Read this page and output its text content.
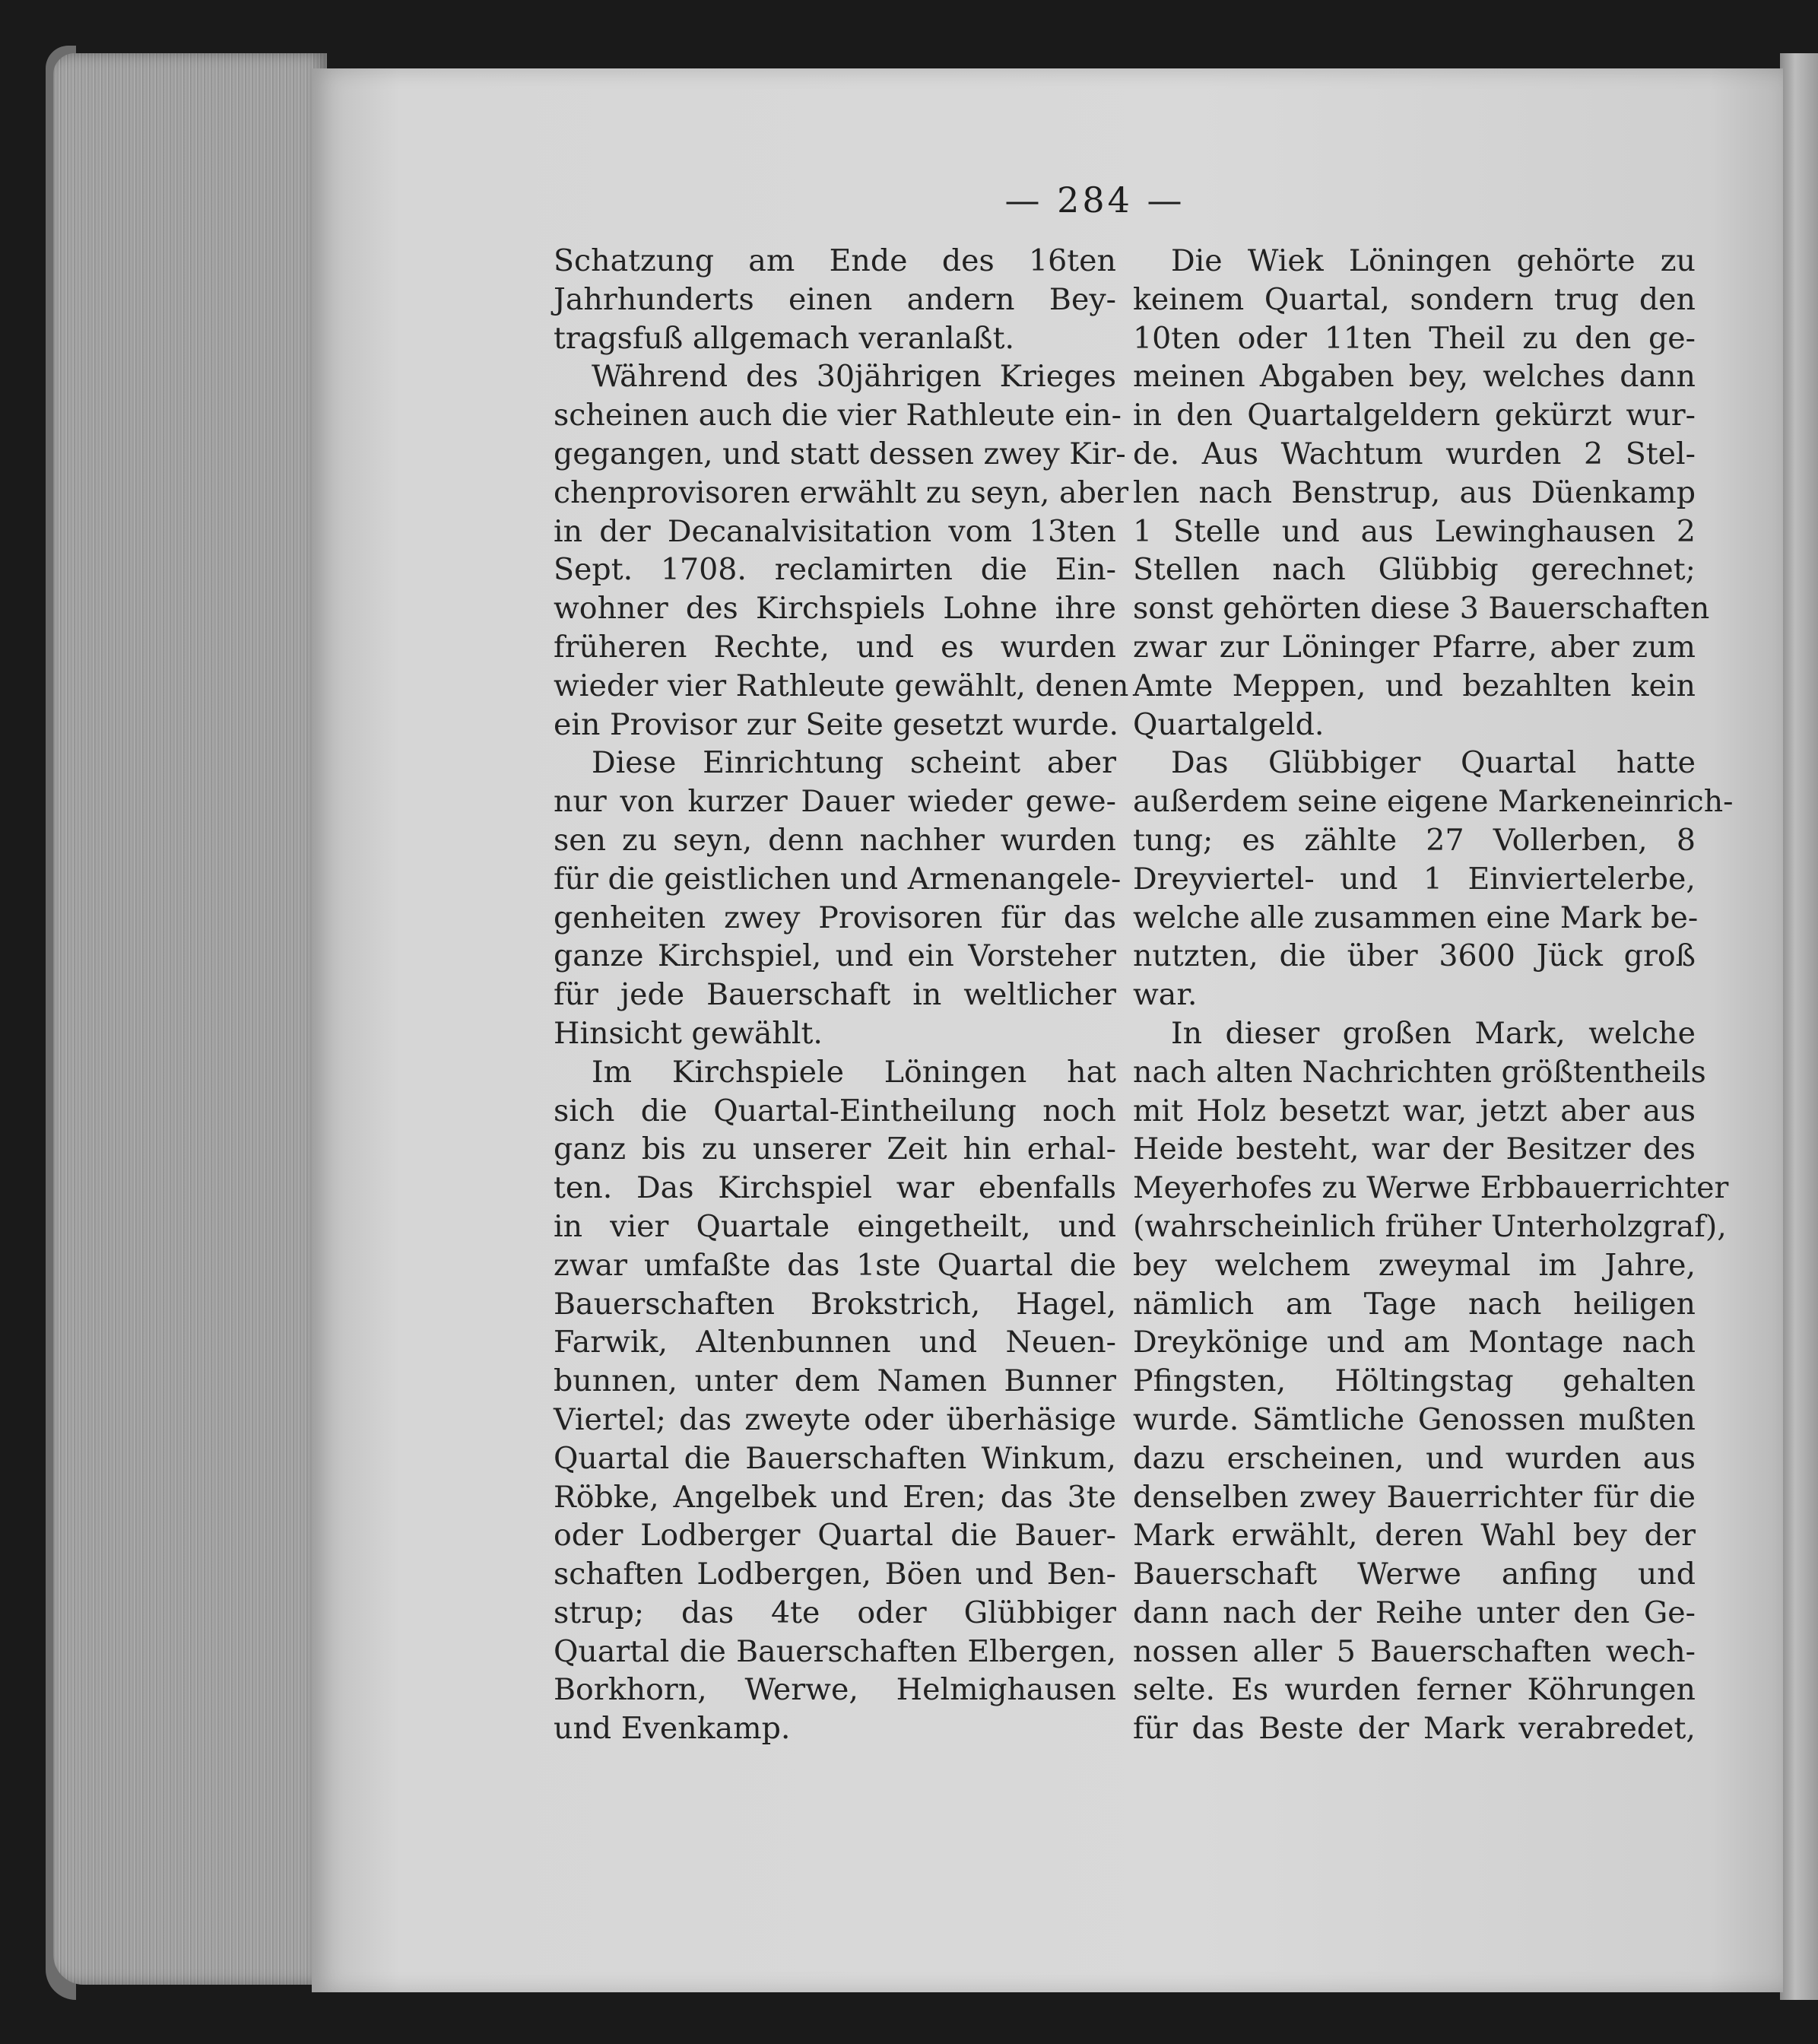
— 284 —
Schatzung am Ende des 16ten
Jahrhunderts einen andern Bey-
tragsfuß allgemach veranlaßt.
Während des 30jährigen Krieges
scheinen auch die vier Rathleute ein-
gegangen, und statt dessen zwey Kir-
chenprovisoren erwählt zu seyn, aber
in der Decanalvisitation vom 13ten
Sept. 1708. reclamirten die Ein-
wohner des Kirchspiels Lohne ihre
früheren Rechte, und es wurden
wieder vier Rathleute gewählt, denen
ein Provisor zur Seite gesetzt wurde.
Diese Einrichtung scheint aber
nur von kurzer Dauer wieder gewe-
sen zu seyn, denn nachher wurden
für die geistlichen und Armenangele-
genheiten zwey Provisoren für das
ganze Kirchspiel, und ein Vorsteher
für jede Bauerschaft in weltlicher
Hinsicht gewählt.
Im Kirchspiele Löningen hat
sich die Quartal-Eintheilung noch
ganz bis zu unserer Zeit hin erhal-
ten. Das Kirchspiel war ebenfalls
in vier Quartale eingetheilt, und
zwar umfaßte das 1ste Quartal die
Bauerschaften Brokstrich, Hagel,
Farwik, Altenbunnen und Neuen-
bunnen, unter dem Namen Bunner
Viertel; das zweyte oder überhäsige
Quartal die Bauerschaften Winkum,
Röbke, Angelbek und Eren; das 3te
oder Lodberger Quartal die Bauer-
schaften Lodbergen, Böen und Ben-
strup; das 4te oder Glübbiger
Quartal die Bauerschaften Elbergen,
Borkhorn, Werwe, Helmighausen
und Evenkamp.
Die Wiek Löningen gehörte zu
keinem Quartal, sondern trug den
10ten oder 11ten Theil zu den ge-
meinen Abgaben bey, welches dann
in den Quartalgeldern gekürzt wur-
de. Aus Wachtum wurden 2 Stel-
len nach Benstrup, aus Düenkamp
1 Stelle und aus Lewinghausen 2
Stellen nach Glübbig gerechnet;
sonst gehörten diese 3 Bauerschaften
zwar zur Löninger Pfarre, aber zum
Amte Meppen, und bezahlten kein
Quartalgeld.
Das Glübbiger Quartal hatte
außerdem seine eigene Markeneinrich-
tung; es zählte 27 Vollerben, 8
Dreyviertel- und 1 Einviertelerbe,
welche alle zusammen eine Mark be-
nutzten, die über 3600 Jück groß
war.
In dieser großen Mark, welche
nach alten Nachrichten größtentheils
mit Holz besetzt war, jetzt aber aus
Heide besteht, war der Besitzer des
Meyerhofes zu Werwe Erbbauerrichter
(wahrscheinlich früher Unterholzgraf),
bey welchem zweymal im Jahre,
nämlich am Tage nach heiligen
Dreykönige und am Montage nach
Pfingsten, Höltingstag gehalten
wurde. Sämtliche Genossen mußten
dazu erscheinen, und wurden aus
denselben zwey Bauerrichter für die
Mark erwählt, deren Wahl bey der
Bauerschaft Werwe anfing und
dann nach der Reihe unter den Ge-
nossen aller 5 Bauerschaften wech-
selte. Es wurden ferner Köhrungen
für das Beste der Mark verabredet,
